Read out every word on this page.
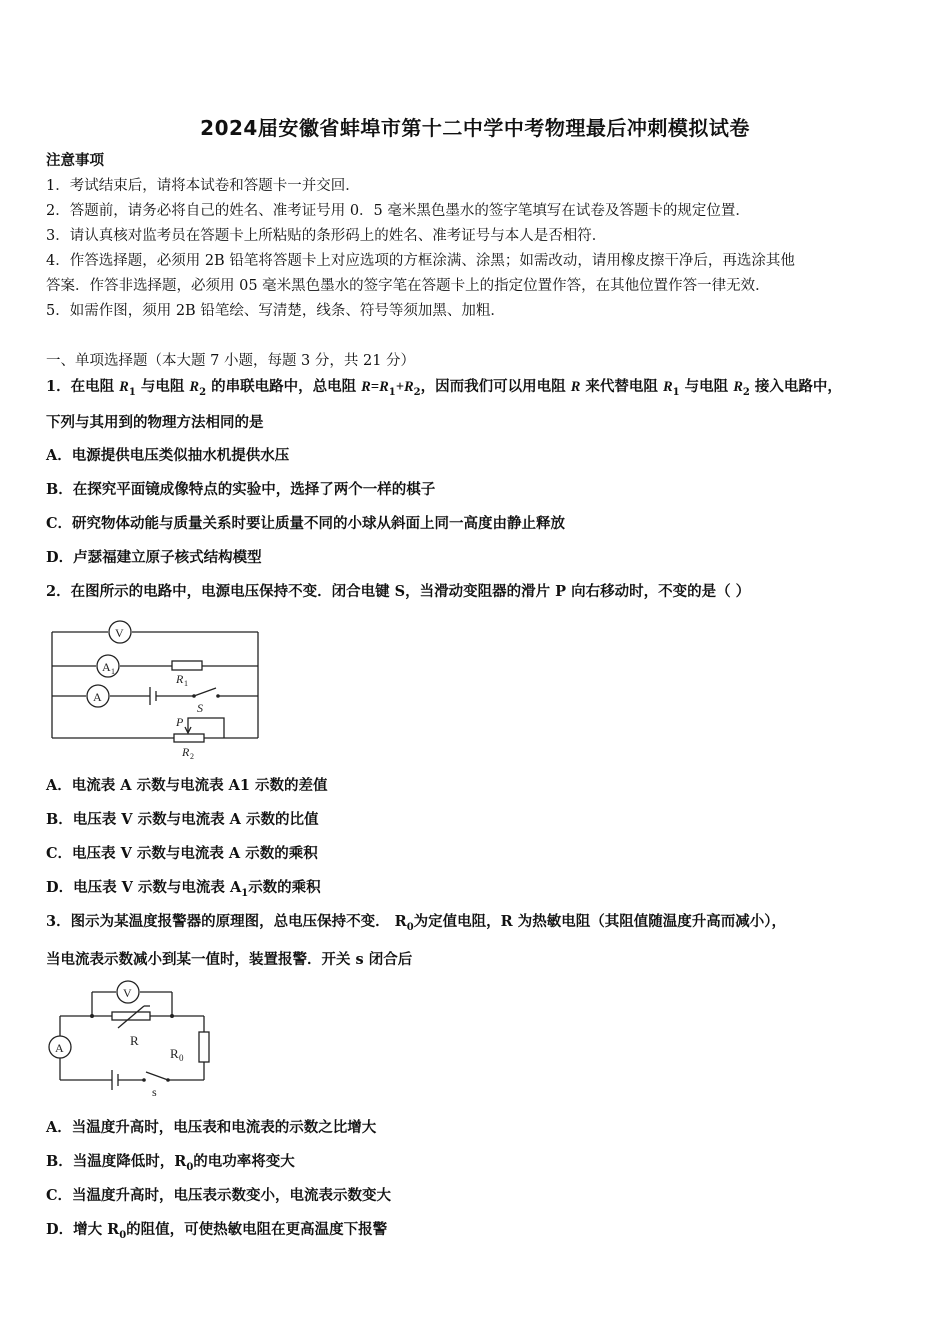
2024届安徽省蚌埠市第十二中学中考物理最后冲刺模拟试卷
注意事项
1．考试结束后，请将本试卷和答题卡一并交回．
2．答题前，请务必将自己的姓名、准考证号用 0．5 毫米黑色墨水的签字笔填写在试卷及答题卡的规定位置．
3．请认真核对监考员在答题卡上所粘贴的条形码上的姓名、准考证号与本人是否相符．
4．作答选择题，必须用 2B 铅笔将答题卡上对应选项的方框涂满、涂黑；如需改动，请用橡皮擦干净后，再选涂其他
答案．作答非选择题，必须用 05 毫米黑色墨水的签字笔在答题卡上的指定位置作答，在其他位置作答一律无效．
5．如需作图，须用 2B 铅笔绘、写清楚，线条、符号等须加黑、加粗．
一、单项选择题（本大题 7 小题，每题 3 分，共 21 分）
1．在电阻 $R_1$ 与电阻 $R_2$ 的串联电路中，总电阻 $R=R_1+R_2$，因而我们可以用电阻 R 来代替电阻 $R_1$ 与电阻 $R_2$ 接入电路中，
下列与其用到的物理方法相同的是
A．电源提供电压类似抽水机提供水压
B．在探究平面镜成像特点的实验中，选择了两个一样的棋子
C．研究物体动能与质量关系时要让质量不同的小球从斜面上同一高度由静止释放
D．卢瑟福建立原子核式结构模型
2．在图所示的电路中，电源电压保持不变．闭合电键 S，当滑动变阻器的滑片 P 向右移动时，不变的是（ ）
V
A 1
A
R 1
S
P
R 2
A．电流表 A 示数与电流表 A1 示数的差值
B．电压表 V 示数与电流表 A 示数的比值
C．电压表 V 示数与电流表 A 示数的乘积
D．电压表 V 示数与电流表 $A_1$示数的乘积
3．图示为某温度报警器的原理图，总电压保持不变． $R_0$为定值电阻，R 为热敏电阻（其阻值随温度升高而减小），
当电流表示数减小到某一值时，装置报警．开关 s 闭合后
V
A	R
R 0
s
A．当温度升高时，电压表和电流表的示数之比增大
B．当温度降低时，$R_0$的电功率将变大
C．当温度升高时，电压表示数变小，电流表示数变大
D．增大 $R_0$的阻值，可使热敏电阻在更高温度下报警
